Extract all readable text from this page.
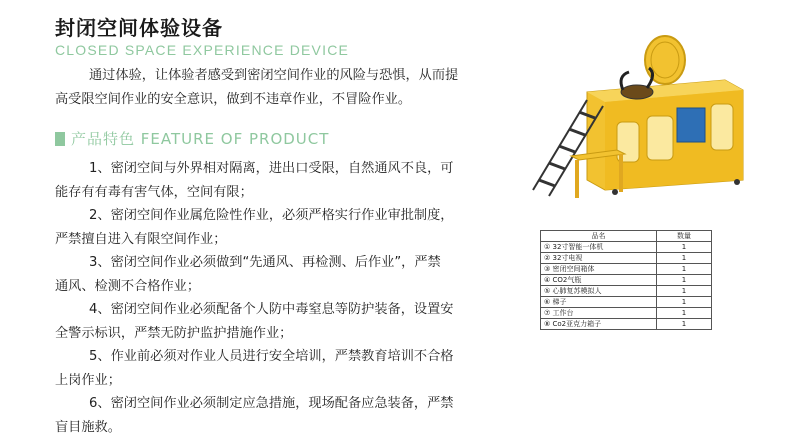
封闭空间体验设备
CLOSED SPACE EXPERIENCE DEVICE
通过体验，让体验者感受到密闭空间作业的风险与恐惧，从而提
高受限空间作业的安全意识，做到不违章作业，不冒险作业。
产品特色 FEATURE OF PRODUCT
1、密闭空间与外界相对隔离，进出口受限，自然通风不良，可
能存有有毒有害气体，空间有限；
2、密闭空间作业属危险性作业，必须严格实行作业审批制度，
严禁擅自进入有限空间作业；
3、密闭空间作业必须做到“先通风、再检测、后作业”，严禁
通风、检测不合格作业；
4、密闭空间作业必须配备个人防中毒窒息等防护装备，设置安
全警示标识，严禁无防护监护措施作业；
5、作业前必须对作业人员进行安全培训，严禁教育培训不合格
上岗作业；
6、密闭空间作业必须制定应急措施，现场配备应急装备，严禁
盲目施救。
品名	数量
① 32寸智能一体机	1
② 32寸电视	1
③ 密闭空间箱体	1
④ CO2气瓶	1
⑤ 心肺复苏模拟人	1
⑥ 梯子	1
⑦ 工作台	1
⑧ Co2亚克力箱子	1
